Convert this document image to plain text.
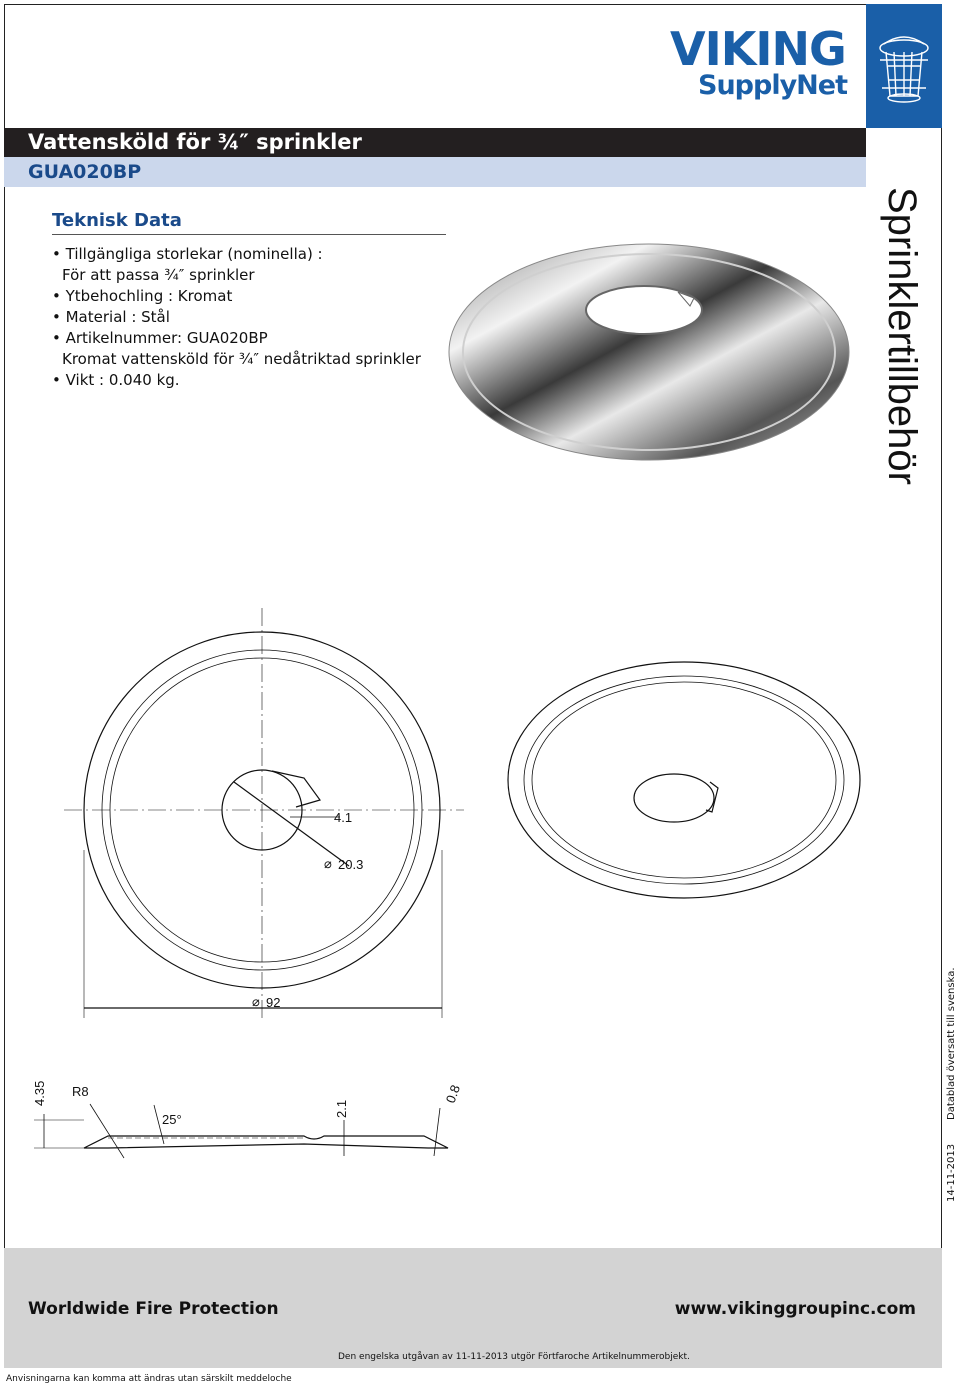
VIKING
SupplyNet
Vattensköld för ¾″ sprinkler
GUA020BP
Sprinklertillbehör
Teknisk Data
• Tillgängliga storlekar (nominella) :
För att passa ¾″ sprinkler
• Ytbehochling : Kromat
• Material : Stål
• Artikelnummer: GUA020BP
Kromat vattensköld för ¾″ nedåtriktad sprinkler
• Vikt : 0.040 kg.
4.1
⌀ 20.3
⌀ 92
4.35 R8
25°
2.1
0.8	Datablad översatt till svenska.
14-11-2013
Worldwide Fire Protection	www.vikinggroupinc.com
Den engelska utgåvan av 11-11-2013 utgör Förtfaroche Artikelnummerobjekt.
Anvisningarna kan komma att ändras utan särskilt meddeloche
